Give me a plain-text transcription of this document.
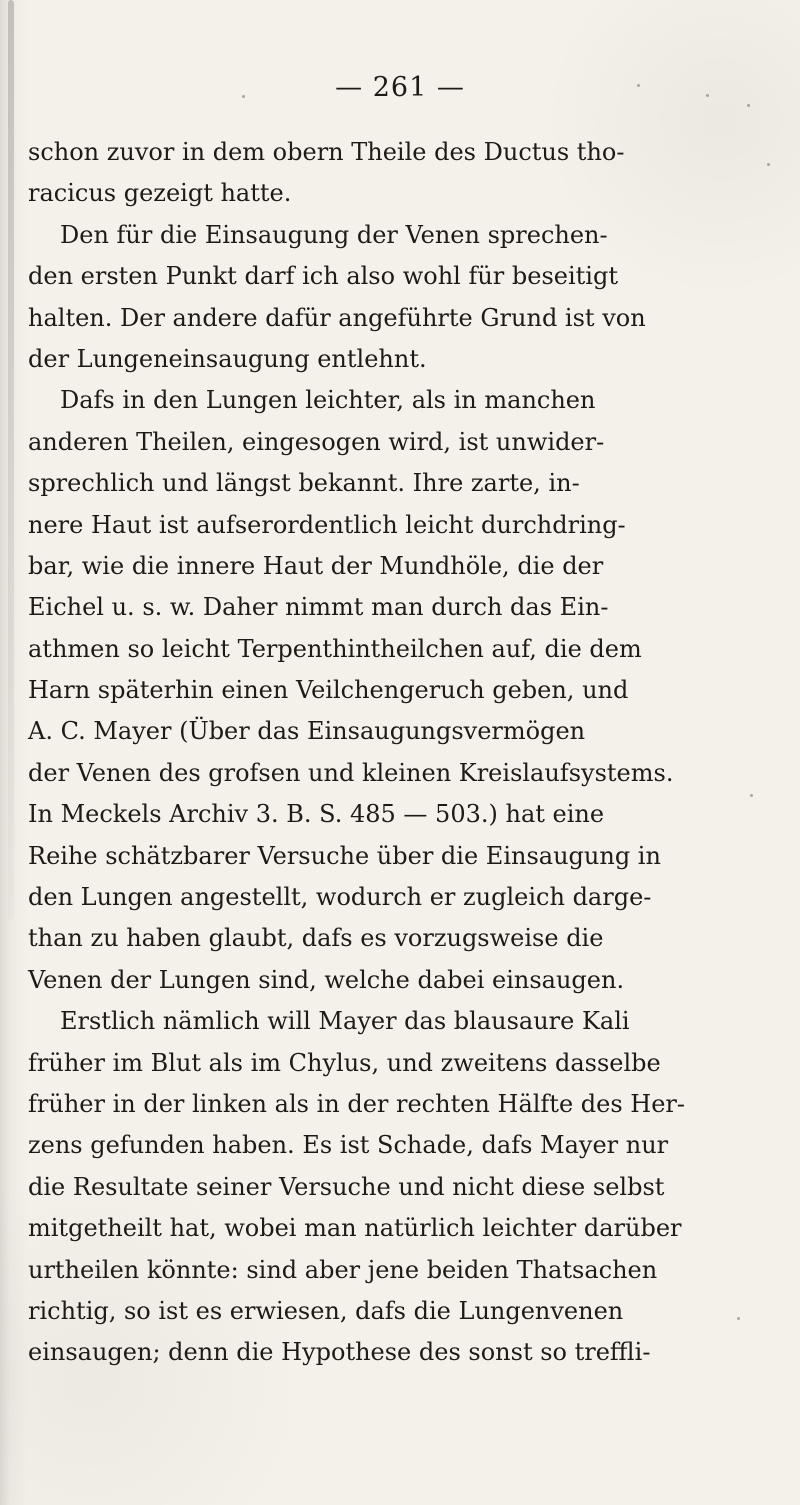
— 261 —
schon zuvor in dem obern Theile des Ductus tho-
racicus gezeigt hatte.
Den für die Einsaugung der Venen sprechen-
den ersten Punkt darf ich also wohl für beseitigt
halten. Der andere dafür angeführte Grund ist von
der Lungeneinsaugung entlehnt.
Dafs in den Lungen leichter, als in manchen
anderen Theilen, eingesogen wird, ist unwider-
sprechlich und längst bekannt. Ihre zarte, in-
nere Haut ist aufserordentlich leicht durchdring-
bar, wie die innere Haut der Mundhöle, die der
Eichel u. s. w. Daher nimmt man durch das Ein-
athmen so leicht Terpenthintheilchen auf, die dem
Harn späterhin einen Veilchengeruch geben, und
A. C. Mayer (Über das Einsaugungsvermögen
der Venen des grofsen und kleinen Kreislaufsystems.
In Meckels Archiv 3. B. S. 485 — 503.) hat eine
Reihe schätzbarer Versuche über die Einsaugung in
den Lungen angestellt, wodurch er zugleich darge-
than zu haben glaubt, dafs es vorzugsweise die
Venen der Lungen sind, welche dabei einsaugen.
Erstlich nämlich will Mayer das blausaure Kali
früher im Blut als im Chylus, und zweitens dasselbe
früher in der linken als in der rechten Hälfte des Her-
zens gefunden haben. Es ist Schade, dafs Mayer nur
die Resultate seiner Versuche und nicht diese selbst
mitgetheilt hat, wobei man natürlich leichter darüber
urtheilen könnte: sind aber jene beiden Thatsachen
richtig, so ist es erwiesen, dafs die Lungenvenen
einsaugen; denn die Hypothese des sonst so treffli-
